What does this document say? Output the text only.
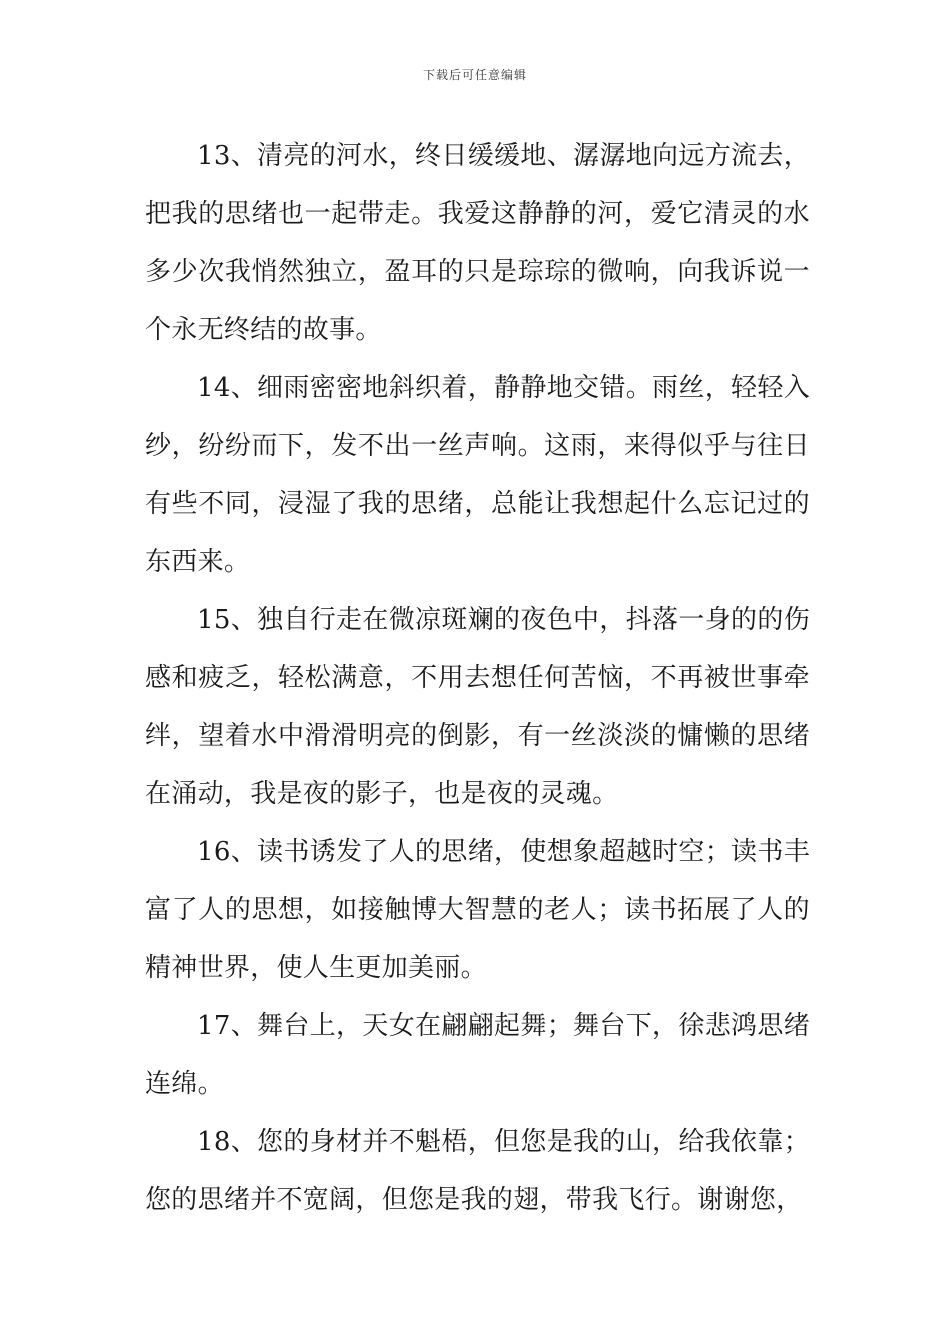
下载后可任意编辑

13、清亮的河水，终日缓缓地、潺潺地向远方流去，把我的思绪也一起带走。我爱这静静的河，爱它清灵的水多少次我悄然独立，盈耳的只是琮琮的微响，向我诉说一个永无终结的故事。

14、细雨密密地斜织着，静静地交错。雨丝，轻轻入纱，纷纷而下，发不出一丝声响。这雨，来得似乎与往日有些不同，浸湿了我的思绪，总能让我想起什么忘记过的东西来。

15、独自行走在微凉斑斓的夜色中，抖落一身的的伤感和疲乏，轻松满意，不用去想任何苦恼，不再被世事牵绊，望着水中滑滑明亮的倒影，有一丝淡淡的慵懒的思绪在涌动，我是夜的影子，也是夜的灵魂。

16、读书诱发了人的思绪，使想象超越时空；读书丰富了人的思想，如接触博大智慧的老人；读书拓展了人的精神世界，使人生更加美丽。

17、舞台上，天女在翩翩起舞；舞台下，徐悲鸿思绪连绵。

18、您的身材并不魁梧，但您是我的山，给我依靠；您的思绪并不宽阔，但您是我的翅，带我飞行。谢谢您，
